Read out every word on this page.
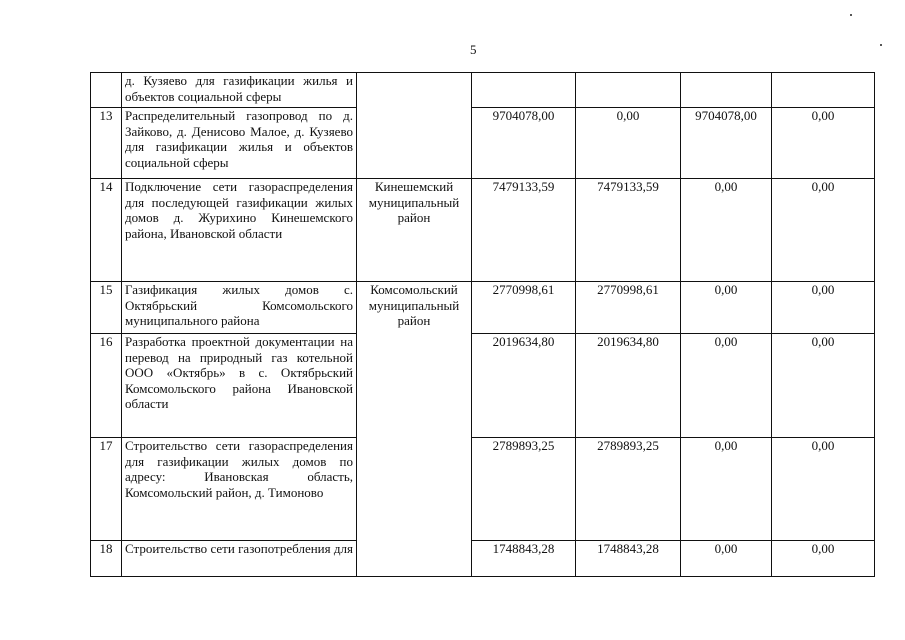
5
	д. Кузяево для газификации жилья и объектов социальной сферы					
13	Распределительный газопровод по д. Зайково, д. Денисово Малое, д. Кузяево для газификации жилья и объектов социальной сферы		9704078,00	0,00	9704078,00	0,00
14	Подключение сети газораспределения для последующей газификации жилых домов д. Журихино Кинешемского района, Ивановской области	Кинешемский муниципальный район	7479133,59	7479133,59	0,00	0,00
15	Газификация жилых домов с. Октябрьский Комсомольского муниципального района	Комсомольский муниципальный район	2770998,61	2770998,61	0,00	0,00
16	Разработка проектной документации на перевод на природный газ котельной ООО «Октябрь» в с. Октябрьский Комсомольского района Ивановской области		2019634,80	2019634,80	0,00	0,00
17	Строительство сети газораспределения для газификации жилых домов по адресу: Ивановская область, Комсомольский район, д. Тимоново		2789893,25	2789893,25	0,00	0,00
18	Строительство сети газопотребления для		1748843,28	1748843,28	0,00	0,00
